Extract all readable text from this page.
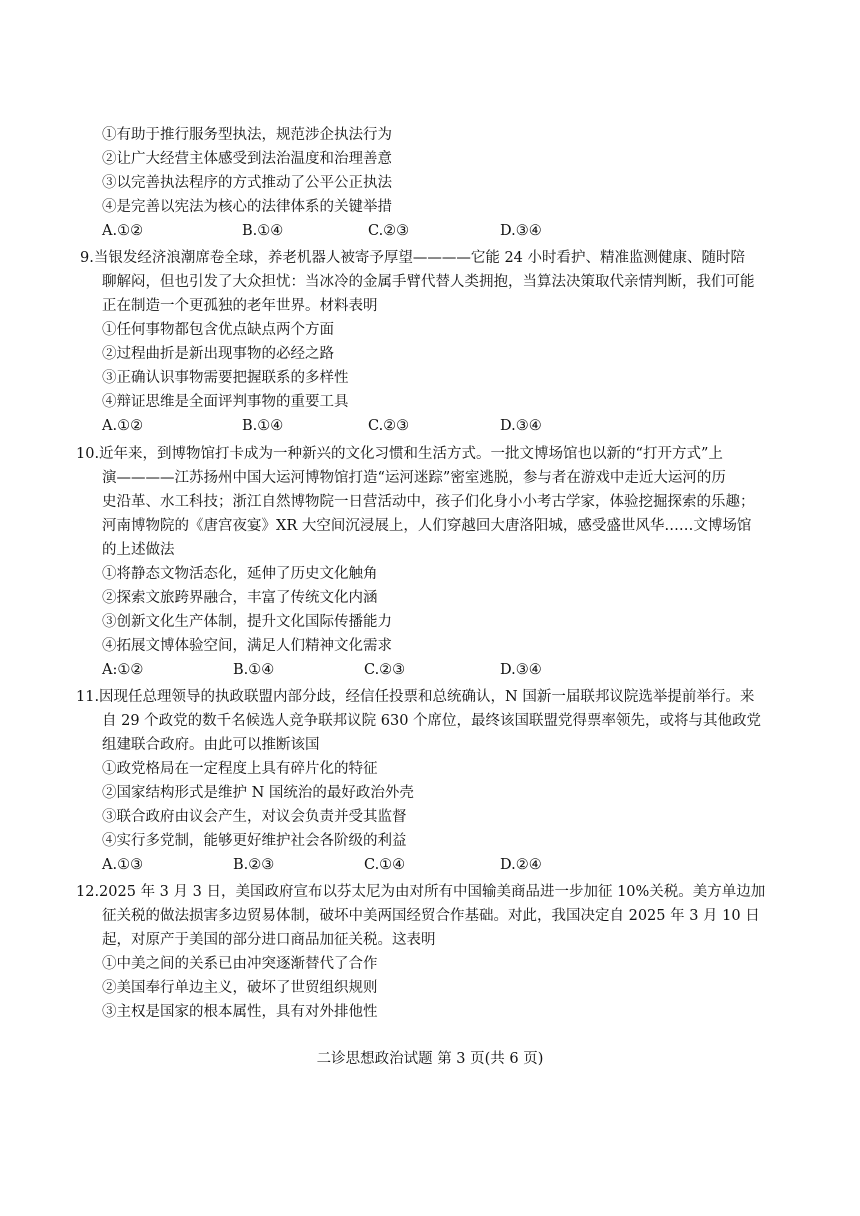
①有助于推行服务型执法，规范涉企执法行为
②让广大经营主体感受到法治温度和治理善意
③以完善执法程序的方式推动了公平公正执法
④是完善以宪法为核心的法律体系的关键举措
A.①②	B.①④	C.②③	D.③④
9.当银发经济浪潮席卷全球，养老机器人被寄予厚望————它能 24 小时看护、精准监测健康、随时陪
聊解闷，但也引发了大众担忧：当冰冷的金属手臂代替人类拥抱，当算法决策取代亲情判断，我们可能
正在制造一个更孤独的老年世界。材料表明
①任何事物都包含优点缺点两个方面
②过程曲折是新出现事物的必经之路
③正确认识事物需要把握联系的多样性
④辩证思维是全面评判事物的重要工具
A.①②	B.①④	C.②③	D.③④
10.近年来，到博物馆打卡成为一种新兴的文化习惯和生活方式。一批文博场馆也以新的“打开方式”上
演————江苏扬州中国大运河博物馆打造“运河迷踪”密室逃脱，参与者在游戏中走近大运河的历
史沿革、水工科技；浙江自然博物院一日营活动中，孩子们化身小小考古学家，体验挖掘探索的乐趣；
河南博物院的《唐宫夜宴》XR 大空间沉浸展上，人们穿越回大唐洛阳城，感受盛世风华……文博场馆
的上述做法
①将静态文物活态化，延伸了历史文化触角
②探索文旅跨界融合，丰富了传统文化内涵
③创新文化生产体制，提升文化国际传播能力
④拓展文博体验空间，满足人们精神文化需求
A:①②	B.①④	C.②③	D.③④
11.因现任总理领导的执政联盟内部分歧，经信任投票和总统确认，N 国新一届联邦议院选举提前举行。来
自 29 个政党的数千名候选人竞争联邦议院 630 个席位，最终该国联盟党得票率领先，或将与其他政党
组建联合政府。由此可以推断该国
①政党格局在一定程度上具有碎片化的特征
②国家结构形式是维护 N 国统治的最好政治外壳
③联合政府由议会产生，对议会负责并受其监督
④实行多党制，能够更好维护社会各阶级的利益
A.①③	B.②③	C.①④	D.②④
12.2025 年 3 月 3 日，美国政府宣布以芬太尼为由对所有中国输美商品进一步加征 10%关税。美方单边加
征关税的做法损害多边贸易体制，破坏中美两国经贸合作基础。对此，我国决定自 2025 年 3 月 10 日
起，对原产于美国的部分进口商品加征关税。这表明
①中美之间的关系已由冲突逐渐替代了合作
②美国奉行单边主义，破坏了世贸组织规则
③主权是国家的根本属性，具有对外排他性
二诊思想政治试题 第 3 页(共 6 页)
